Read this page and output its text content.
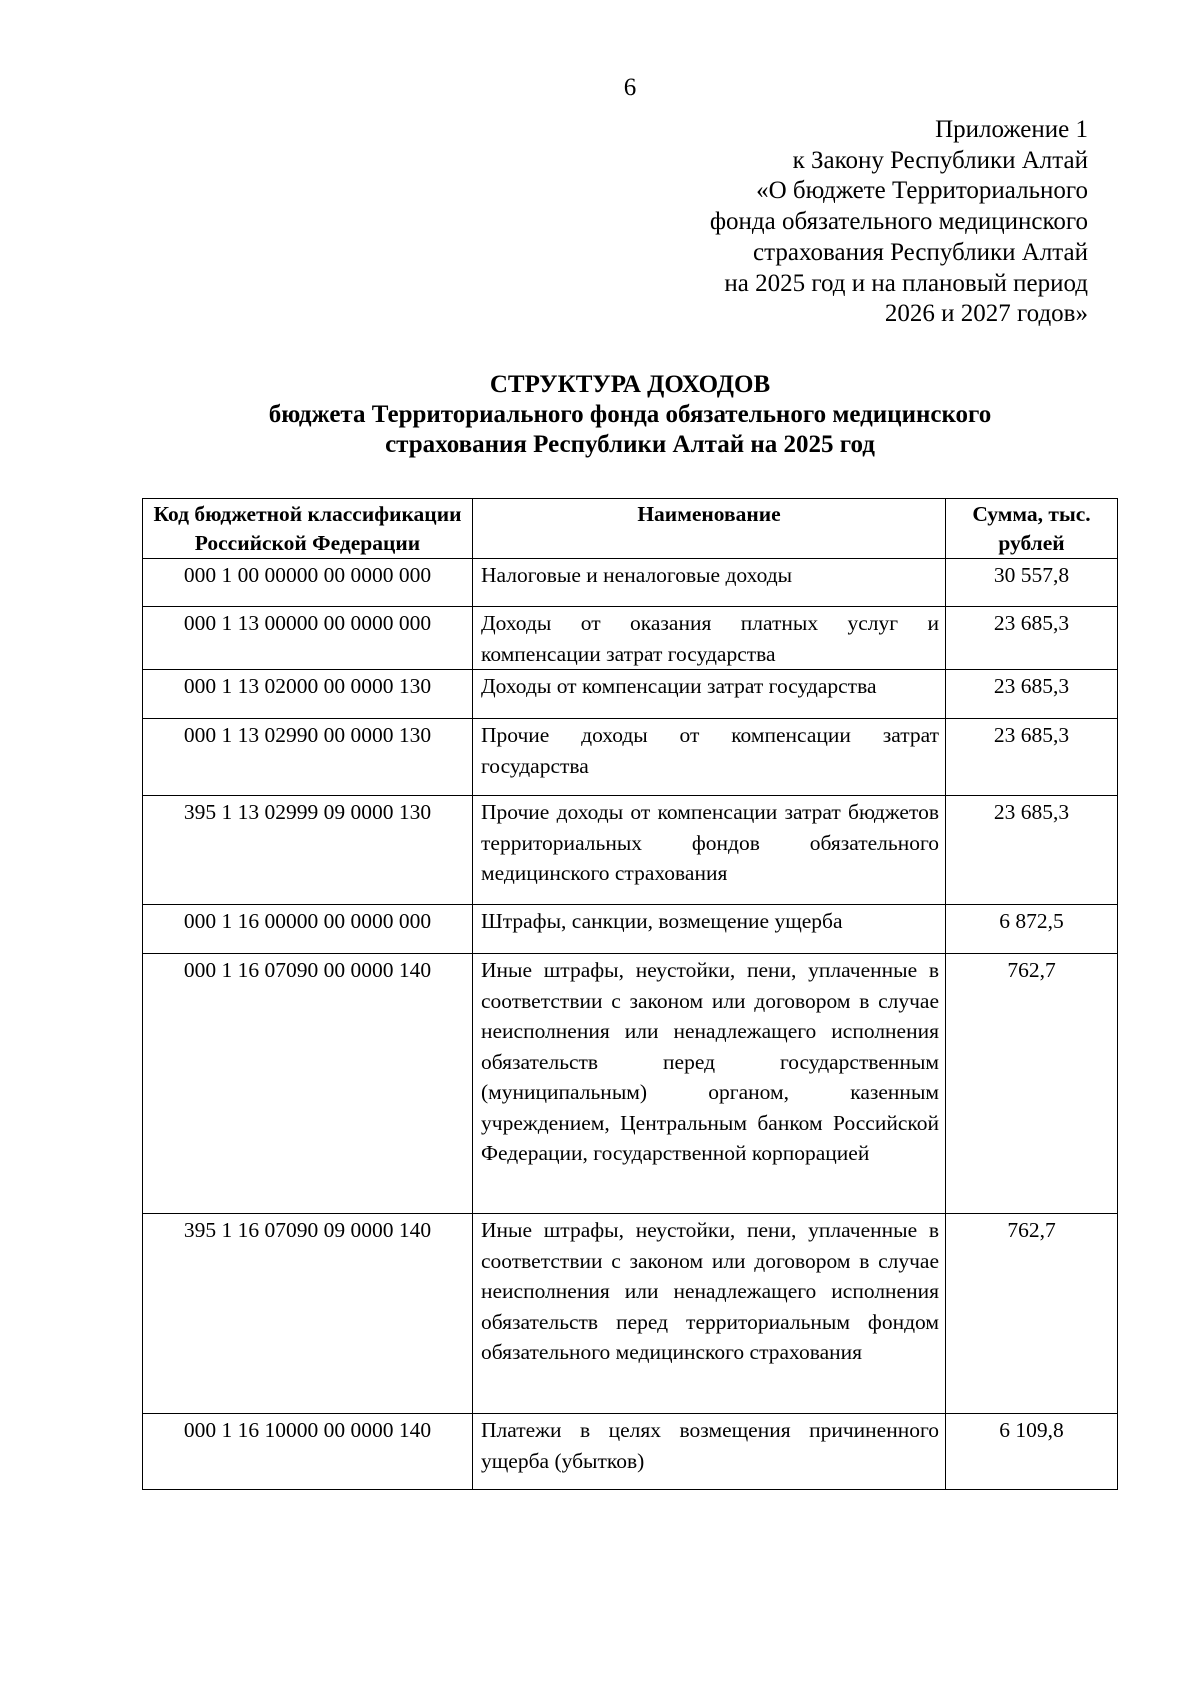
6
Приложение 1
к Закону Республики Алтай
«О бюджете Территориального
фонда обязательного медицинского
страхования Республики Алтай
на 2025 год и на плановый период
2026 и 2027 годов»
СТРУКТУРА ДОХОДОВ
бюджета Территориального фонда обязательного медицинского
страхования Республики Алтай на 2025 год
Код бюджетной классификации Российской Федерации	Наименование	Сумма, тыс. рублей
000 1 00 00000 00 0000 000	Налоговые и неналоговые доходы	30 557,8
000 1 13 00000 00 0000 000	Доходы от оказания платных услуг и компенсации затрат государства	23 685,3
000 1 13 02000 00 0000 130	Доходы от компенсации затрат государства	23 685,3
000 1 13 02990 00 0000 130	Прочие доходы от компенсации затрат государства	23 685,3
395 1 13 02999 09 0000 130	Прочие доходы от компенсации затрат бюджетов территориальных фондов обязательного медицинского страхования	23 685,3
000 1 16 00000 00 0000 000	Штрафы, санкции, возмещение ущерба	6 872,5
000 1 16 07090 00 0000 140	Иные штрафы, неустойки, пени, уплаченные в соответствии с законом или договором в случае неисполнения или ненадлежащего исполнения обязательств перед государственным (муниципальным) органом, казенным учреждением, Центральным банком Российской Федерации, государственной корпорацией	762,7
395 1 16 07090 09 0000 140	Иные штрафы, неустойки, пени, уплаченные в соответствии с законом или договором в случае неисполнения или ненадлежащего исполнения обязательств перед территориальным фондом обязательного медицинского страхования	762,7
000 1 16 10000 00 0000 140	Платежи в целях возмещения причиненного ущерба (убытков)	6 109,8
